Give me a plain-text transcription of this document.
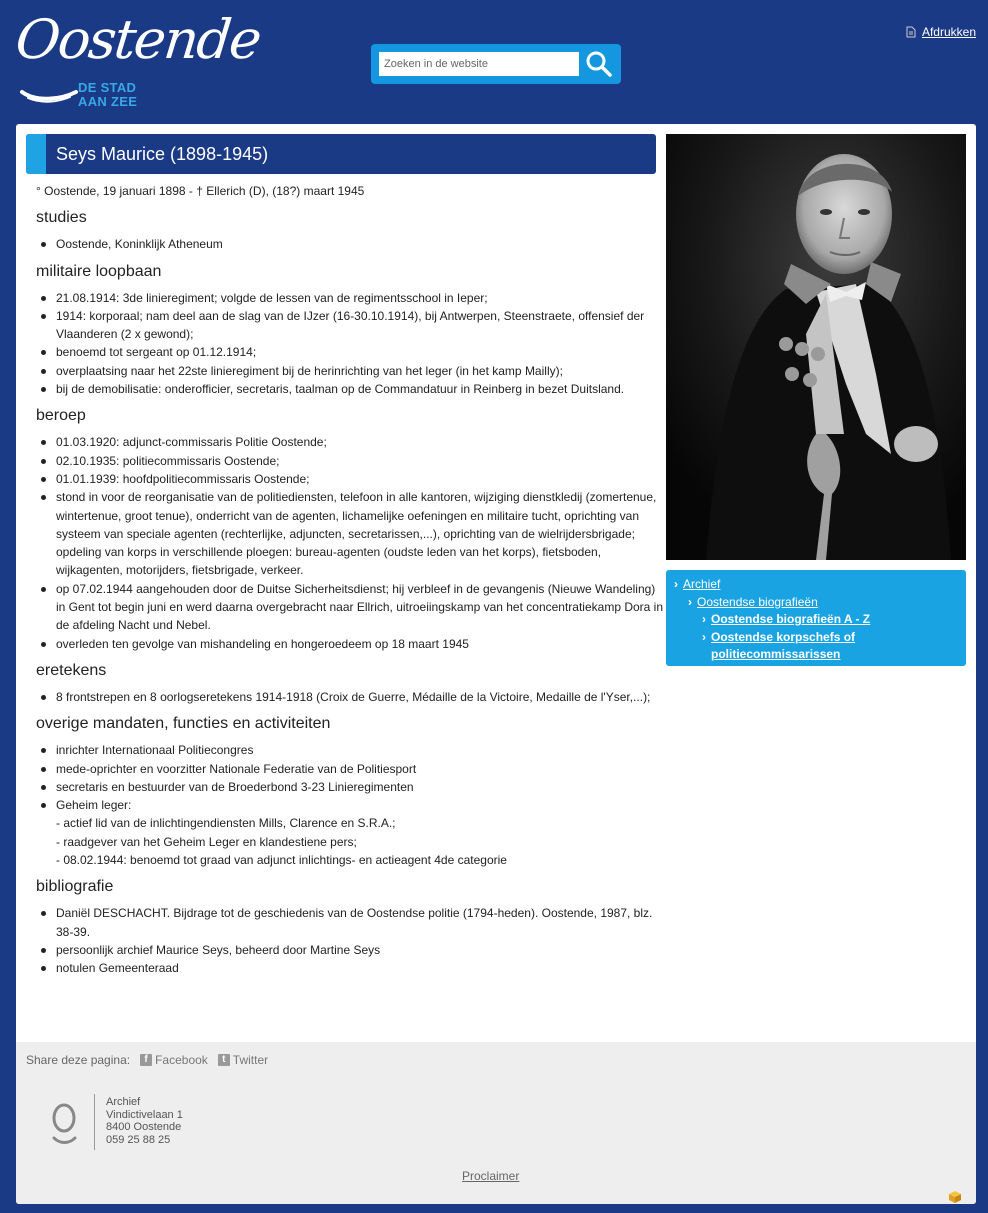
Oostende
DE STAD
AAN ZEE
Zoeken in de website
Afdrukken
Seys Maurice (1898-1945)
° Oostende, 19 januari 1898 - † Ellerich (D), (18?) maart 1945
studies
Oostende, Koninklijk Atheneum
militaire loopbaan
21.08.1914: 3de linieregiment; volgde de lessen van de regimentsschool in Ieper;
1914: korporaal; nam deel aan de slag van de IJzer (16-30.10.1914), bij Antwerpen, Steenstraete, offensief der Vlaanderen (2 x gewond);
benoemd tot sergeant op 01.12.1914;
overplaatsing naar het 22ste linieregiment bij de herinrichting van het leger (in het kamp Mailly);
bij de demobilisatie: onderofficier, secretaris, taalman op de Commandatuur in Reinberg in bezet Duitsland.
beroep
01.03.1920: adjunct-commissaris Politie Oostende;
02.10.1935: politiecommissaris Oostende;
01.01.1939: hoofdpolitiecommissaris Oostende;
stond in voor de reorganisatie van de politiediensten, telefoon in alle kantoren, wijziging dienstkledij (zomertenue, wintertenue, groot tenue), onderricht van de agenten, lichamelijke oefeningen en militaire tucht, oprichting van systeem van speciale agenten (rechterlijke, adjuncten, secretarissen,...), oprichting van de wielrijdersbrigade; opdeling van korps in verschillende ploegen: bureau-agenten (oudste leden van het korps), fietsboden, wijkagenten, motorijders, fietsbrigade, verkeer.
op 07.02.1944 aangehouden door de Duitse Sicherheitsdienst; hij verbleef in de gevangenis (Nieuwe Wandeling) in Gent tot begin juni en werd daarna overgebracht naar Ellrich, uitroeiingskamp van het concentratiekamp Dora in de afdeling Nacht und Nebel.
overleden ten gevolge van mishandeling en hongeroedeem op 18 maart 1945
eretekens
8 frontstrepen en 8 oorlogseretekens 1914-1918 (Croix de Guerre, Médaille de la Victoire, Medaille de l'Yser,...);
overige mandaten, functies en activiteiten
inrichter Internationaal Politiecongres
mede-oprichter en voorzitter Nationale Federatie van de Politiesport
secretaris en bestuurder van de Broederbond 3-23 Linieregimenten
Geheim leger:
- actief lid van de inlichtingendiensten Mills, Clarence en S.R.A.;
- raadgever van het Geheim Leger en klandestiene pers;
- 08.02.1944: benoemd tot graad van adjunct inlichtings- en actieagent 4de categorie
bibliografie
Daniël DESCHACHT. Bijdrage tot de geschiedenis van de Oostendse politie (1794-heden). Oostende, 1987, blz. 38-39.
persoonlijk archief Maurice Seys, beheerd door Martine Seys
notulen Gemeenteraad
› Archief
› Oostendse biografieën
› Oostendse biografieën A - Z
› Oostendse korpschefs of politiecommissarissen
Share deze pagina:	f Facebook	t Twitter
Archief
Vindictivelaan 1
8400 Oostende
059 25 88 25
Proclaimer
